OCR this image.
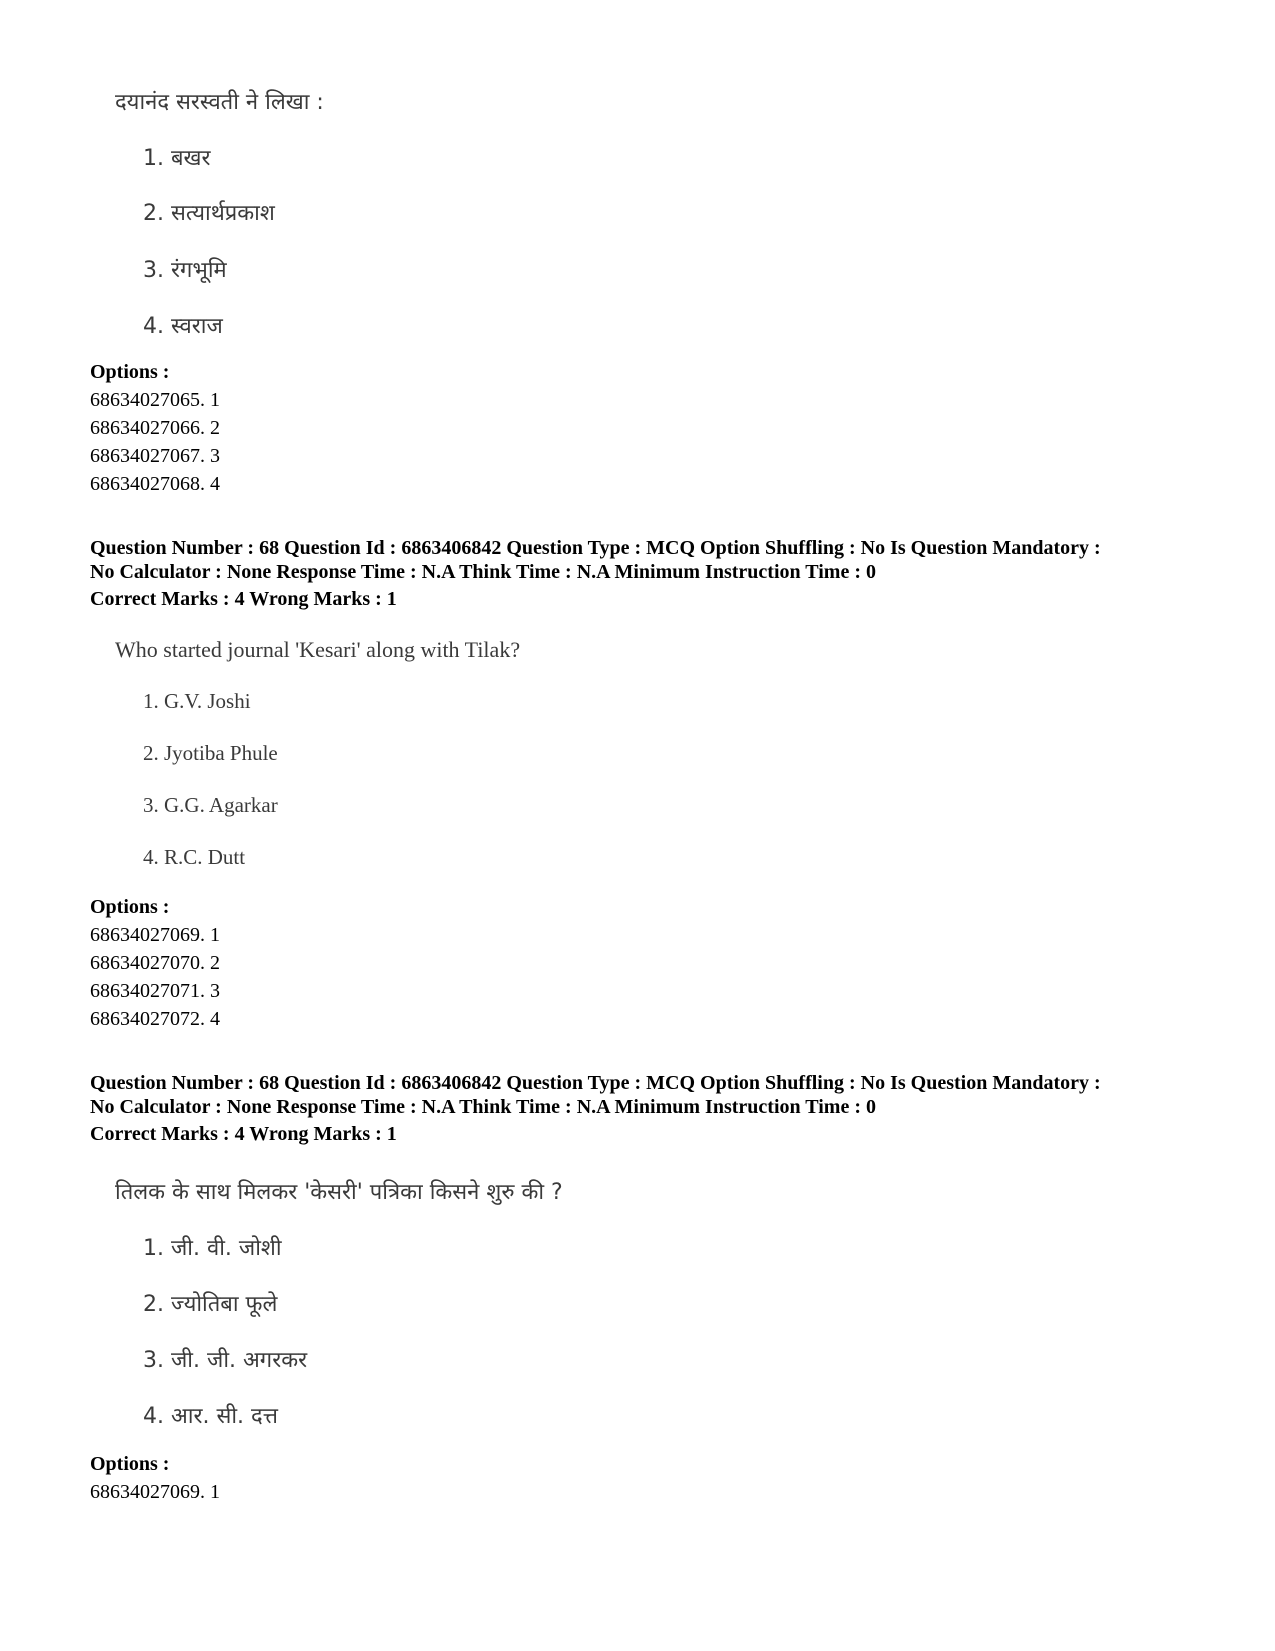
दयानंद सरस्वती ने लिखा :
1. बखर
2. सत्यार्थप्रकाश
3. रंगभूमि
4. स्वराज
Options :
68634027065. 1
68634027066. 2
68634027067. 3
68634027068. 4
Question Number : 68 Question Id : 6863406842 Question Type : MCQ Option Shuffling : No Is Question Mandatory :
No Calculator : None Response Time : N.A Think Time : N.A Minimum Instruction Time : 0
Correct Marks : 4 Wrong Marks : 1
Who started journal 'Kesari' along with Tilak?
1. G.V. Joshi
2. Jyotiba Phule
3. G.G. Agarkar
4. R.C. Dutt
Options :
68634027069. 1
68634027070. 2
68634027071. 3
68634027072. 4
Question Number : 68 Question Id : 6863406842 Question Type : MCQ Option Shuffling : No Is Question Mandatory :
No Calculator : None Response Time : N.A Think Time : N.A Minimum Instruction Time : 0
Correct Marks : 4 Wrong Marks : 1
तिलक के साथ मिलकर 'केसरी' पत्रिका किसने शुरु की ?
1. जी. वी. जोशी
2. ज्योतिबा फूले
3. जी. जी. अगरकर
4. आर. सी. दत्त
Options :
68634027069. 1
